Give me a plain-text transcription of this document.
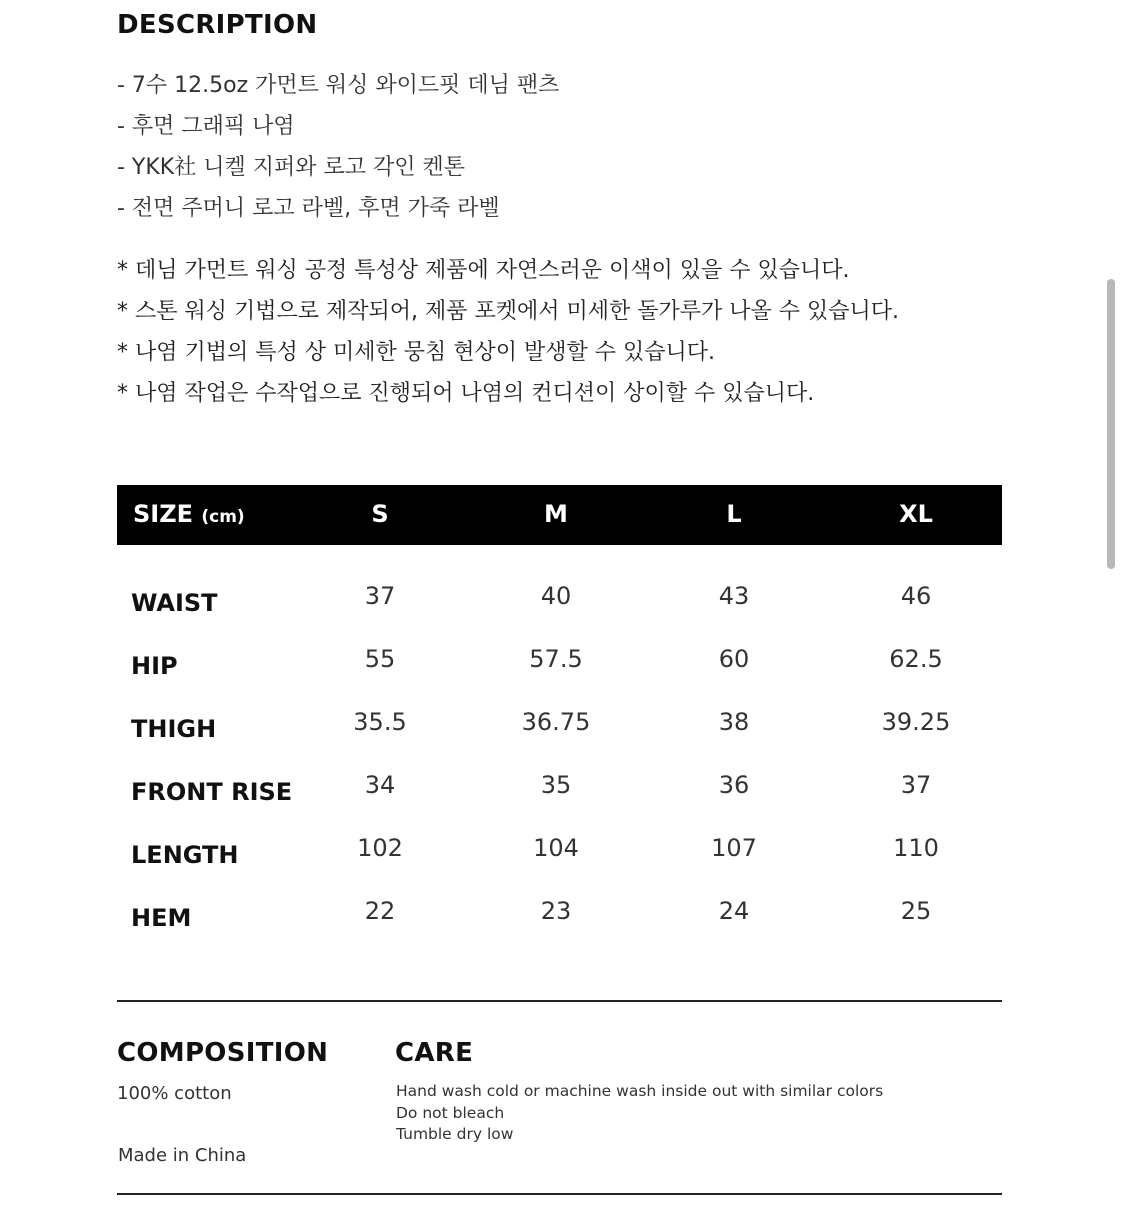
DESCRIPTION
- 7수 12.5oz 가먼트 워싱 와이드핏 데님 팬츠
- 후면 그래픽 나염
- YKK社 니켈 지퍼와 로고 각인 켄톤
- 전면 주머니 로고 라벨, 후면 가죽 라벨
* 데님 가먼트 워싱 공정 특성상 제품에 자연스러운 이색이 있을 수 있습니다.
* 스톤 워싱 기법으로 제작되어, 제품 포켓에서 미세한 돌가루가 나올 수 있습니다.
* 나염 기법의 특성 상 미세한 뭉침 현상이 발생할 수 있습니다.
* 나염 작업은 수작업으로 진행되어 나염의 컨디션이 상이할 수 있습니다.
SIZE (cm)	S	M	L	XL
WAIST	37	40	43	46
HIP	55	57.5	60	62.5
THIGH	35.5	36.75	38	39.25
FRONT RISE	34	35	36	37
LENGTH	102	104	107	110
HEM	22	23	24	25
COMPOSITION
100% cotton
Made in China
CARE
Hand wash cold or machine wash inside out with similar colors
Do not bleach
Tumble dry low
